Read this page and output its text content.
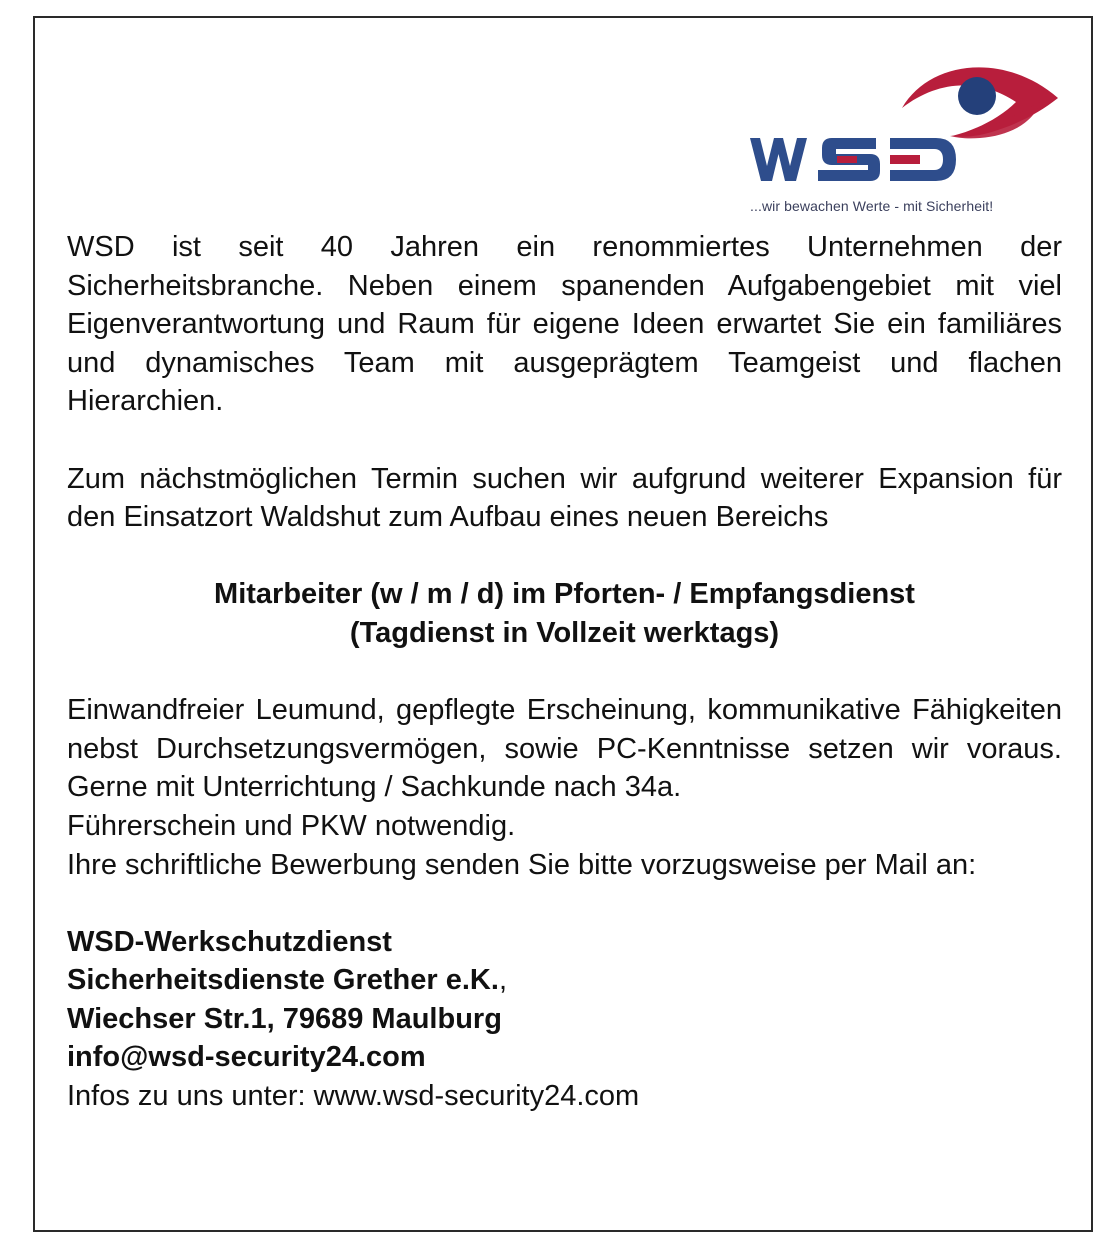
...wir bewachen Werte - mit Sicherheit!

WSD ist seit 40 Jahren ein renommiertes Unternehmen der Sicherheitsbranche. Neben einem spanenden Aufgabengebiet mit viel Eigenverantwortung und Raum für eigene Ideen erwartet Sie ein familiäres und dynamisches Team mit ausgeprägtem Teamgeist und flachen Hierarchien.

Zum nächstmöglichen Termin suchen wir aufgrund weiterer Expansion für den Einsatzort Waldshut zum Aufbau eines neuen Bereichs

Mitarbeiter (w / m / d) im Pforten- / Empfangsdienst

(Tagdienst in Vollzeit werktags)

Einwandfreier Leumund, gepflegte Erscheinung, kommunikative Fähigkeiten nebst Durchsetzungsvermögen, sowie PC-Kenntnisse setzen wir voraus. Gerne mit Unterrichtung / Sachkunde nach 34a.

Führerschein und PKW notwendig.

Ihre schriftliche Bewerbung senden Sie bitte vorzugsweise per Mail an:

WSD-Werkschutzdienst

Sicherheitsdienste Grether e.K.,

Wiechser Str.1, 79689 Maulburg

info@wsd-security24.com

Infos zu uns unter: www.wsd-security24.com
